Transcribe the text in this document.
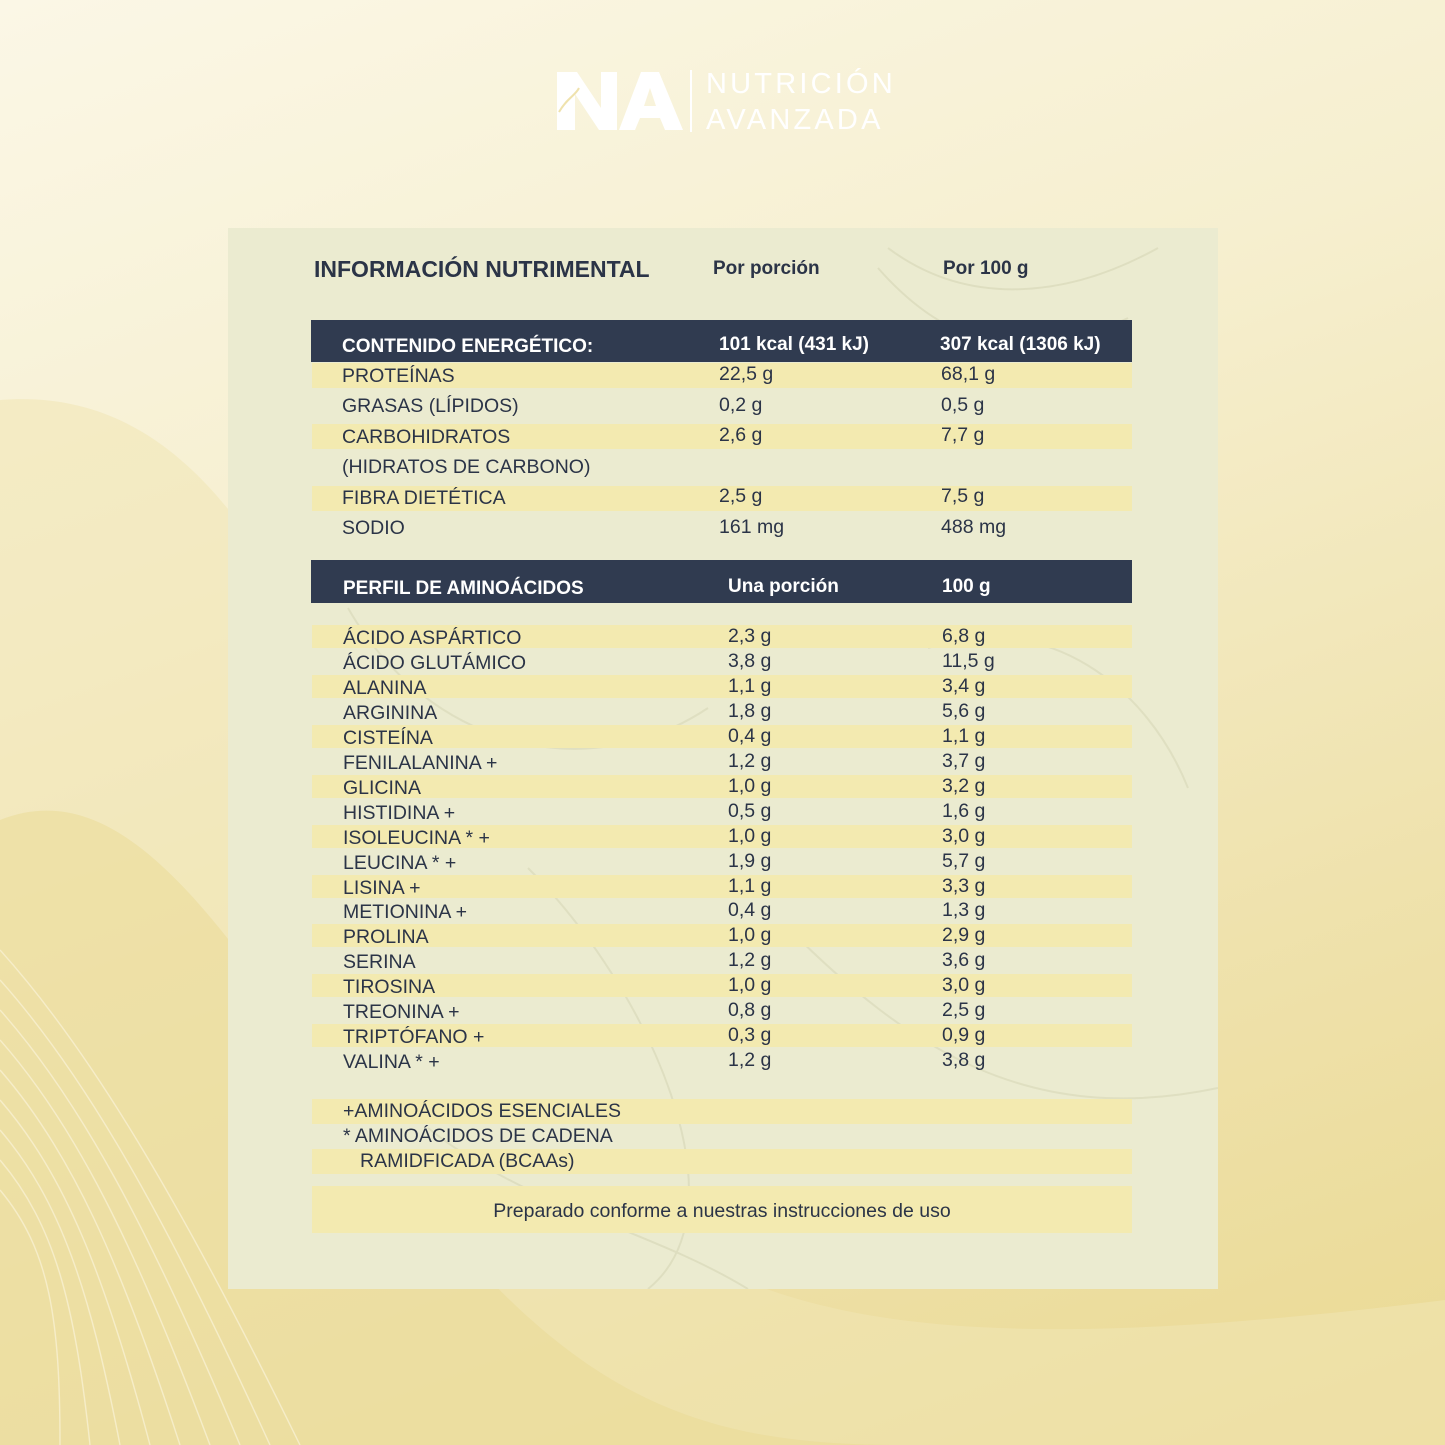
NUTRICIÓN
AVANZADA
INFORMACIÓN NUTRIMENTAL	Por porción	Por 100 g
CONTENIDO ENERGÉTICO:	101 kcal (431 kJ)	307 kcal (1306 kJ)
PROTEÍNAS	22,5 g	68,1 g
GRASAS (LÍPIDOS)	0,2 g	0,5 g
CARBOHIDRATOS	2,6 g	7,7 g
(HIDRATOS DE CARBONO)
FIBRA DIETÉTICA	2,5 g	7,5 g
SODIO	161 mg	488 mg
PERFIL DE AMINOÁCIDOS	Una porción	100 g
ÁCIDO ASPÁRTICO	2,3 g	6,8 g
ÁCIDO GLUTÁMICO	3,8 g	11,5 g
ALANINA	1,1 g	3,4 g
ARGININA	1,8 g	5,6 g
CISTEÍNA	0,4 g	1,1 g
FENILALANINA +	1,2 g	3,7 g
GLICINA	1,0 g	3,2 g
HISTIDINA +	0,5 g	1,6 g
ISOLEUCINA * +	1,0 g	3,0 g
LEUCINA * +	1,9 g	5,7 g
LISINA +	1,1 g	3,3 g
METIONINA +	0,4 g	1,3 g
PROLINA	1,0 g	2,9 g
SERINA	1,2 g	3,6 g
TIROSINA	1,0 g	3,0 g
TREONINA +	0,8 g	2,5 g
TRIPTÓFANO +	0,3 g	0,9 g
VALINA * +	1,2 g	3,8 g
+AMINOÁCIDOS ESENCIALES
* AMINOÁCIDOS DE CADENA
RAMIDFICADA (BCAAs)
Preparado conforme a nuestras instrucciones de uso
